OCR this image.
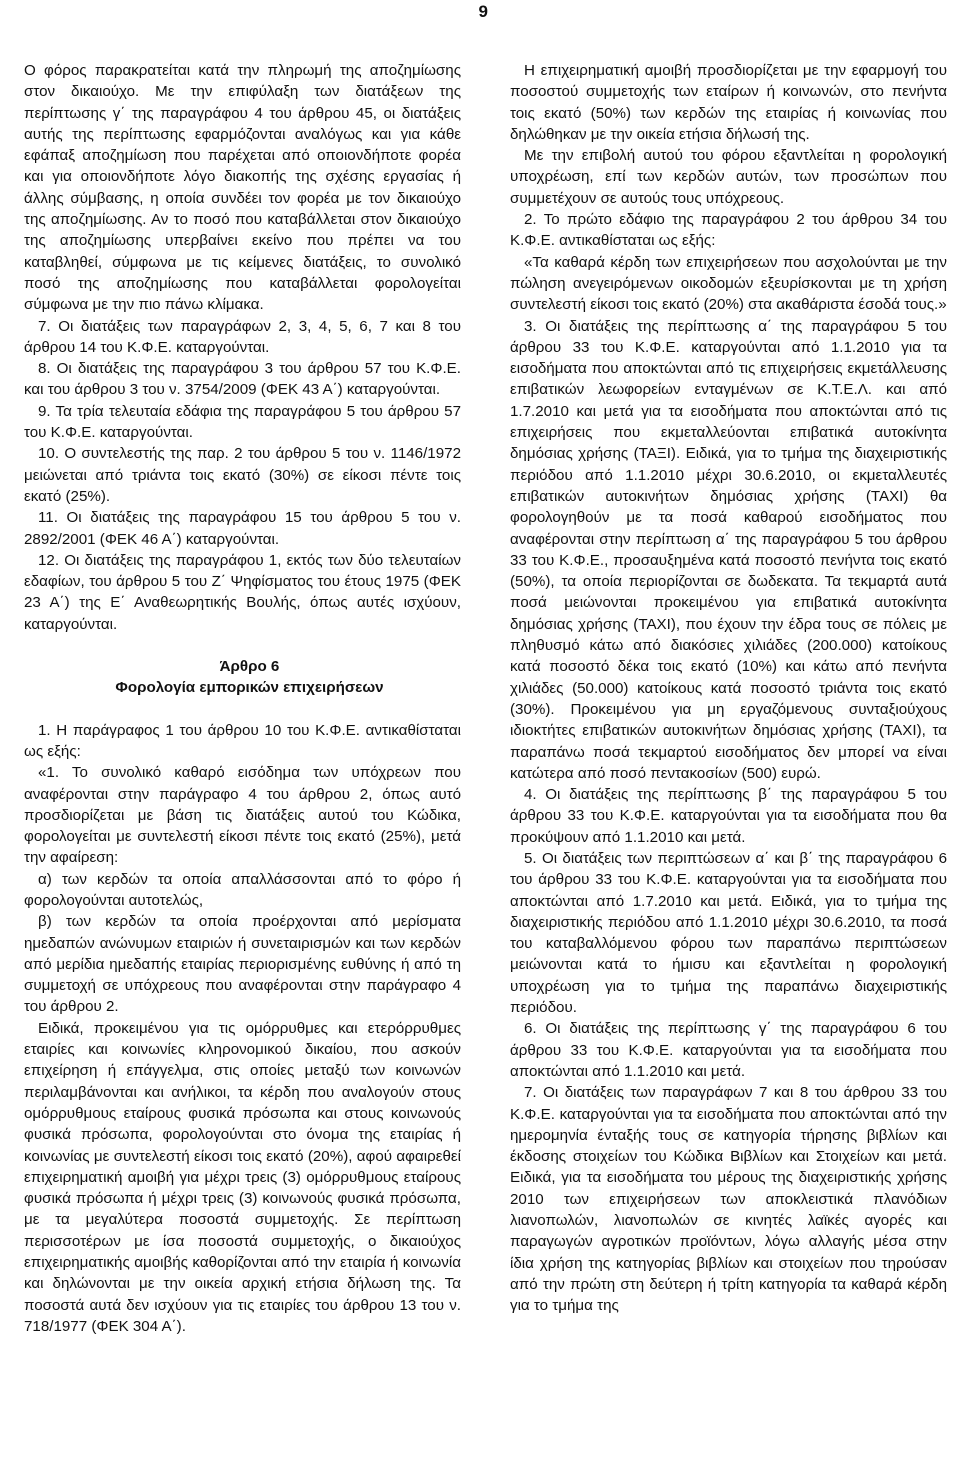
9

Ο φόρος παρακρατείται κατά την πληρωμή της αποζημίωσης στον δικαιούχο. Με την επιφύλαξη των διατάξεων της περίπτωσης γ΄ της παραγράφου 4 του άρθρου 45, οι διατάξεις αυτής της περίπτωσης εφαρμόζονται αναλόγως και για κάθε εφάπαξ αποζημίωση που παρέχεται από οποιονδήποτε φορέα και για οποιονδήποτε λόγο διακοπής της σχέσης εργασίας ή άλλης σύμβασης, η οποία συνδέει τον φορέα με τον δικαιούχο της αποζημίωσης. Αν το ποσό που καταβάλλεται στον δικαιούχο της αποζημίωσης υπερβαίνει εκείνο που πρέπει να του καταβληθεί, σύμφωνα με τις κείμενες διατάξεις, το συνολικό ποσό της αποζημίωσης που καταβάλλεται φορολογείται σύμφωνα με την πιο πάνω κλίμακα.

7. Οι διατάξεις των παραγράφων 2, 3, 4, 5, 6, 7 και 8 του άρθρου 14 του Κ.Φ.Ε. καταργούνται.

8. Οι διατάξεις της παραγράφου 3 του άρθρου 57 του Κ.Φ.Ε. και του άρθρου 3 του ν. 3754/2009 (ΦΕΚ 43 Α΄) καταργούνται.

9. Τα τρία τελευταία εδάφια της παραγράφου 5 του άρθρου 57 του Κ.Φ.Ε. καταργούνται.

10. Ο συντελεστής της παρ. 2 του άρθρου 5 του ν. 1146/1972 μειώνεται από τριάντα τοις εκατό (30%) σε είκοσι πέντε τοις εκατό (25%).

11. Οι διατάξεις της παραγράφου 15 του άρθρου 5 του ν. 2892/2001 (ΦΕΚ 46 Α΄) καταργούνται.

12. Οι διατάξεις της παραγράφου 1, εκτός των δύο τελευταίων εδαφίων, του άρθρου 5 του Ζ΄ Ψηφίσματος του έτους 1975 (ΦΕΚ 23 Α΄) της Ε΄ Αναθεωρητικής Βουλής, όπως αυτές ισχύουν, καταργούνται.

Άρθρο 6

Φορολογία εμπορικών επιχειρήσεων

1. Η παράγραφος 1 του άρθρου 10 του Κ.Φ.Ε. αντικαθίσταται ως εξής:

«1. Το συνολικό καθαρό εισόδημα των υπόχρεων που αναφέρονται στην παράγραφο 4 του άρθρου 2, όπως αυτό προσδιορίζεται με βάση τις διατάξεις αυτού του Κώδικα, φορολογείται με συντελεστή είκοσι πέντε τοις εκατό (25%), μετά την αφαίρεση:

α) των κερδών τα οποία απαλλάσσονται από το φόρο ή φορολογούνται αυτοτελώς,

β) των κερδών τα οποία προέρχονται από μερίσματα ημεδαπών ανώνυμων εταιριών ή συνεταιρισμών και των κερδών από μερίδια ημεδαπής εταιρίας περιορισμένης ευθύνης ή από τη συμμετοχή σε υπόχρεους που αναφέρονται στην παράγραφο 4 του άρθρου 2.

Ειδικά, προκειμένου για τις ομόρρυθμες και ετερόρρυθμες εταιρίες και κοινωνίες κληρονομικού δικαίου, που ασκούν επιχείρηση ή επάγγελμα, στις οποίες μεταξύ των κοινωνών περιλαμβάνονται και ανήλικοι, τα κέρδη που αναλογούν στους ομόρρυθμους εταίρους φυσικά πρόσωπα και στους κοινωνούς φυσικά πρόσωπα, φορολογούνται στο όνομα της εταιρίας ή κοινωνίας με συντελεστή είκοσι τοις εκατό (20%), αφού αφαιρεθεί επιχειρηματική αμοιβή για μέχρι τρεις (3) ομόρρυθμους εταίρους φυσικά πρόσωπα ή μέχρι τρεις (3) κοινωνούς φυσικά πρόσωπα, με τα μεγαλύτερα ποσοστά συμμετοχής. Σε περίπτωση περισσοτέρων με ίσα ποσοστά συμμετοχής, ο δικαιούχος επιχειρηματικής αμοιβής καθορίζονται από την εταιρία ή κοινωνία και δηλώνονται με την οικεία αρχική ετήσια δήλωση της. Τα ποσοστά αυτά δεν ισχύουν για τις εταιρίες του άρθρου 13 του ν. 718/1977 (ΦΕΚ 304 Α΄).

Η επιχειρηματική αμοιβή προσδιορίζεται με την εφαρμογή του ποσοστού συμμετοχής των εταίρων ή κοινωνών, στο πενήντα τοις εκατό (50%) των κερδών της εταιρίας ή κοινωνίας που δηλώθηκαν με την οικεία ετήσια δήλωσή της.

Με την επιβολή αυτού του φόρου εξαντλείται η φορολογική υποχρέωση, επί των κερδών αυτών, των προσώπων που συμμετέχουν σε αυτούς τους υπόχρεους.

2. Το πρώτο εδάφιο της παραγράφου 2 του άρθρου 34 του Κ.Φ.Ε. αντικαθίσταται ως εξής:

«Τα καθαρά κέρδη των επιχειρήσεων που ασχολούνται με την πώληση ανεγειρόμενων οικοδομών εξευρίσκονται με τη χρήση συντελεστή είκοσι τοις εκατό (20%) στα ακαθάριστα έσοδά τους.»

3. Οι διατάξεις της περίπτωσης α΄ της παραγράφου 5 του άρθρου 33 του Κ.Φ.Ε. καταργούνται από 1.1.2010 για τα εισοδήματα που αποκτώνται από τις επιχειρήσεις εκμετάλλευσης επιβατικών λεωφορείων ενταγμένων σε Κ.Τ.Ε.Λ. και από 1.7.2010 και μετά για τα εισοδήματα που αποκτώνται από τις επιχειρήσεις που εκμεταλλεύονται επιβατικά αυτοκίνητα δημόσιας χρήσης (ΤΑΞΙ). Ειδικά, για το τμήμα της διαχειριστικής περιόδου από 1.1.2010 μέχρι 30.6.2010, οι εκμεταλλευτές επιβατικών αυτοκινήτων δημόσιας χρήσης (ΤΑΧΙ) θα φορολογηθούν με τα ποσά καθαρού εισοδήματος που αναφέρονται στην περίπτωση α΄ της παραγράφου 5 του άρθρου 33 του Κ.Φ.Ε., προσαυξημένα κατά ποσοστό πενήντα τοις εκατό (50%), τα οποία περιορίζονται σε δωδεκατα. Τα τεκμαρτά αυτά ποσά μειώνονται προκειμένου για επιβατικά αυτοκίνητα δημόσιας χρήσης (ΤΑΧΙ), που έχουν την έδρα τους σε πόλεις με πληθυσμό κάτω από διακόσιες χιλιάδες (200.000) κατοίκους κατά ποσοστό δέκα τοις εκατό (10%) και κάτω από πενήντα χιλιάδες (50.000) κατοίκους κατά ποσοστό τριάντα τοις εκατό (30%). Προκειμένου για μη εργαζόμενους συνταξιούχους ιδιοκτήτες επιβατικών αυτοκινήτων δημόσιας χρήσης (ΤΑΧΙ), τα παραπάνω ποσά τεκμαρτού εισοδήματος δεν μπορεί να είναι κατώτερα από ποσό πεντακοσίων (500) ευρώ.

4. Οι διατάξεις της περίπτωσης β΄ της παραγράφου 5 του άρθρου 33 του Κ.Φ.Ε. καταργούνται για τα εισοδήματα που θα προκύψουν από 1.1.2010 και μετά.

5. Οι διατάξεις των περιπτώσεων α΄ και β΄ της παραγράφου 6 του άρθρου 33 του Κ.Φ.Ε. καταργούνται για τα εισοδήματα που αποκτώνται από 1.7.2010 και μετά. Ειδικά, για το τμήμα της διαχειριστικής περιόδου από 1.1.2010 μέχρι 30.6.2010, τα ποσά του καταβαλλόμενου φόρου των παραπάνω περιπτώσεων μειώνονται κατά το ήμισυ και εξαντλείται η φορολογική υποχρέωση για το τμήμα της παραπάνω διαχειριστικής περιόδου.

6. Οι διατάξεις της περίπτωσης γ΄ της παραγράφου 6 του άρθρου 33 του Κ.Φ.Ε. καταργούνται για τα εισοδήματα που αποκτώνται από 1.1.2010 και μετά.

7. Οι διατάξεις των παραγράφων 7 και 8 του άρθρου 33 του Κ.Φ.Ε. καταργούνται για τα εισοδήματα που αποκτώνται από την ημερομηνία ένταξής τους σε κατηγορία τήρησης βιβλίων και έκδοσης στοιχείων του Κώδικα Βιβλίων και Στοιχείων και μετά. Ειδικά, για τα εισοδήματα του μέρους της διαχειριστικής χρήσης 2010 των επιχειρήσεων των αποκλειστικά πλανόδιων λιανοπωλών, λιανοπωλών σε κινητές λαϊκές αγορές και παραγωγών αγροτικών προϊόντων, λόγω αλλαγής μέσα στην ίδια χρήση της κατηγορίας βιβλίων και στοιχείων που τηρούσαν από την πρώτη στη δεύτερη ή τρίτη κατηγορία τα καθαρά κέρδη για το τμήμα της
